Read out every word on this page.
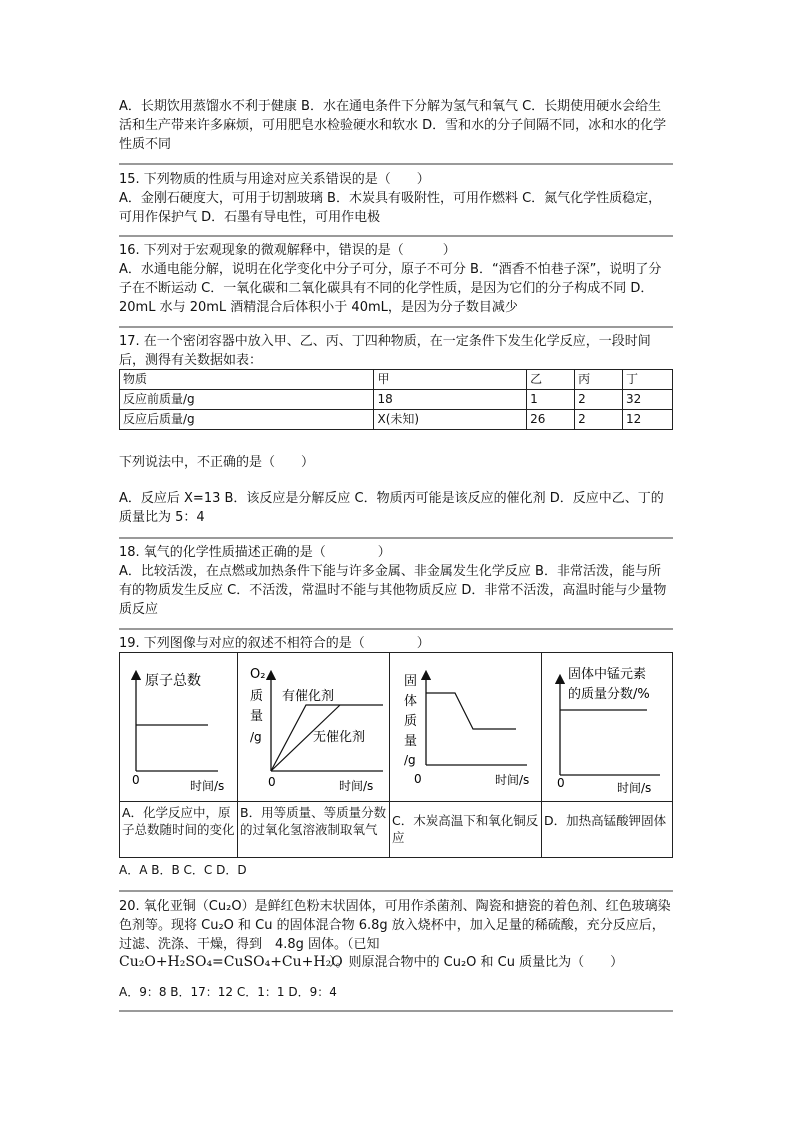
A．长期饮用蒸馏水不利于健康 B．水在通电条件下分解为氢气和氧气 C．长期使用硬水会给生活和生产带来许多麻烦，可用肥皂水检验硬水和软水 D．雪和水的分子间隔不同，冰和水的化学性质不同

15. 下列物质的性质与用途对应关系错误的是（　　）

A．金刚石硬度大，可用于切割玻璃 B．木炭具有吸附性，可用作燃料 C．氮气化学性质稳定，可用作保护气 D．石墨有导电性，可用作电极

16. 下列对于宏观现象的微观解释中，错误的是（　　　）

A．水通电能分解，说明在化学变化中分子可分，原子不可分 B．“酒香不怕巷子深”，说明了分子在不断运动 C．一氧化碳和二氧化碳具有不同的化学性质，是因为它们的分子构成不同 D．20mL 水与 20mL 酒精混合后体积小于 40mL，是因为分子数目减少

17. 在一个密闭容器中放入甲、乙、丙、丁四种物质，在一定条件下发生化学反应，一段时间后，测得有关数据如表：

物质	甲	乙	丙	丁
反应前质量/g	18	1	2	32
反应后质量/g	X(未知)	26	2	12

下列说法中，不正确的是（　　）

A．反应后 X=13 B．该反应是分解反应 C．物质丙可能是该反应的催化剂 D．反应中乙、丁的质量比为 5：4

18. 氧气的化学性质描述正确的是（　　　　）

A．比较活泼，在点燃或加热条件下能与许多金属、非金属发生化学反应 B．非常活泼，能与所有的物质发生反应 C．不活泼，常温时不能与其他物质反应 D．非常不活泼，高温时能与少量物质反应

19. 下列图像与对应的叙述不相符合的是（　　　　）

原子总数
0	时间/s
O₂
质
量
/g
有催化剂
无催化剂
0	时间/s
固
体
质
量
/g
0	时间/s
固体中锰元素
的质量分数/%
0	时间/s
A．化学反应中，原子总数随时间的变化
B．用等质量、等质量分数的过氧化氢溶液制取氧气
C．木炭高温下和氧化铜反应
D．加热高锰酸钾固体

A．A B．B C．C D．D

20. 氧化亚铜（Cu₂O）是鲜红色粉末状固体，可用作杀菌剂、陶瓷和搪瓷的着色剂、红色玻璃染色剂等。现将 Cu₂O 和 Cu 的固体混合物 6.8g 放入烧杯中，加入足量的稀硫酸，充分反应后，过滤、洗涤、干燥，得到　4.8g 固体。（已知

Cu₂O+H₂SO₄=CuSO₄+Cu+H₂O）。则原混合物中的 Cu₂O 和 Cu 质量比为（　　）

A．9：8 B．17：12 C．1：1 D．9：4
